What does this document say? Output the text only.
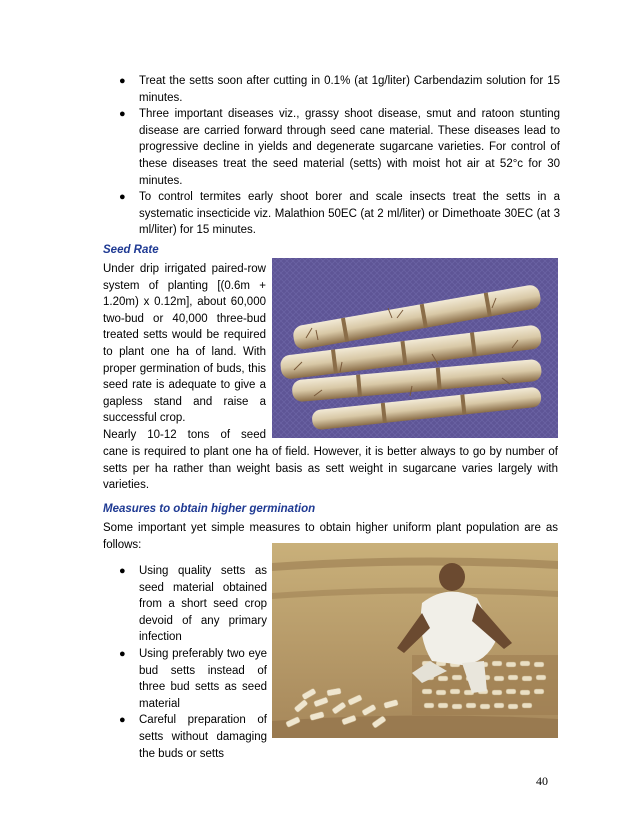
● Treat the setts soon after cutting in 0.1% (at 1g/liter) Carbendazim solution for 15 minutes.
● Three important diseases viz., grassy shoot disease, smut and ratoon stunting disease are carried forward through seed cane material. These diseases lead to progressive decline in yields and degenerate sugarcane varieties. For control of these diseases treat the seed material (setts) with moist hot air at 52°c for 30 minutes.
● To control termites early shoot borer and scale insects treat the setts in a systematic insecticide viz. Malathion 50EC (at 2 ml/liter) or Dimethoate 30EC (at 3 ml/liter) for 15 minutes.
Seed Rate
Under drip irrigated paired-row system of planting [(0.6m + 1.20m) x 0.12m], about 60,000 two-bud or 40,000 three-bud treated setts would be required to plant one ha of land. With proper germination of buds, this seed rate is adequate to give a gapless stand and raise a successful crop.
Nearly 10-12 tons of seed
cane is required to plant one ha of field. However, it is better always to go by number of setts per ha rather than weight basis as sett weight in sugarcane varies largely with varieties.
Measures to obtain higher germination
Some important yet simple measures to obtain higher uniform plant population are as follows:
● Using quality setts as seed material obtained from a short seed crop devoid of any primary infection
● Using preferably two eye bud setts instead of three bud setts as seed material
● Careful preparation of setts without damaging the buds or setts
40
